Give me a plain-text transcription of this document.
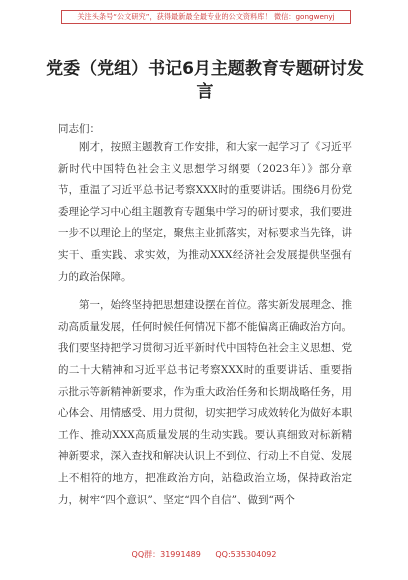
关注头条号“公文研究”，获得最新最全最专业的公文资料库！ 微信：gongwenyj
党委（党组）书记6月主题教育专题研讨发言
同志们：

刚才，按照主题教育工作安排，和大家一起学习了《习近平新时代中国特色社会主义思想学习纲要（2023年）》部分章节，重温了习近平总书记考察XXX时的重要讲话。围绕6月份党委理论学习中心组主题教育专题集中学习的研讨要求，我们要进一步不以理论上的坚定，聚焦主业抓落实，对标要求当先锋，讲实干、重实践、求实效，为推动XXX经济社会发展提供坚强有力的政治保障。

第一，始终坚持把思想建设摆在首位。落实新发展理念、推动高质量发展，任何时候任何情况下都不能偏离正确政治方向。我们要坚持把学习贯彻习近平新时代中国特色社会主义思想、党的二十大精神和习近平总书记考察XXX时的重要讲话、重要指示批示等新精神新要求，作为重大政治任务和长期战略任务，用心体会、用情感受、用力贯彻，切实把学习成效转化为做好本职工作、推动XXX高质量发展的生动实践。要认真细致对标新精神新要求，深入查找和解决认识上不到位、行动上不自觉、发展上不相符的地方，把准政治方向，站稳政治立场，保持政治定力，树牢“四个意识”、坚定“四个自信”、做到“两个

QQ群：31991489 QQ:535304092
